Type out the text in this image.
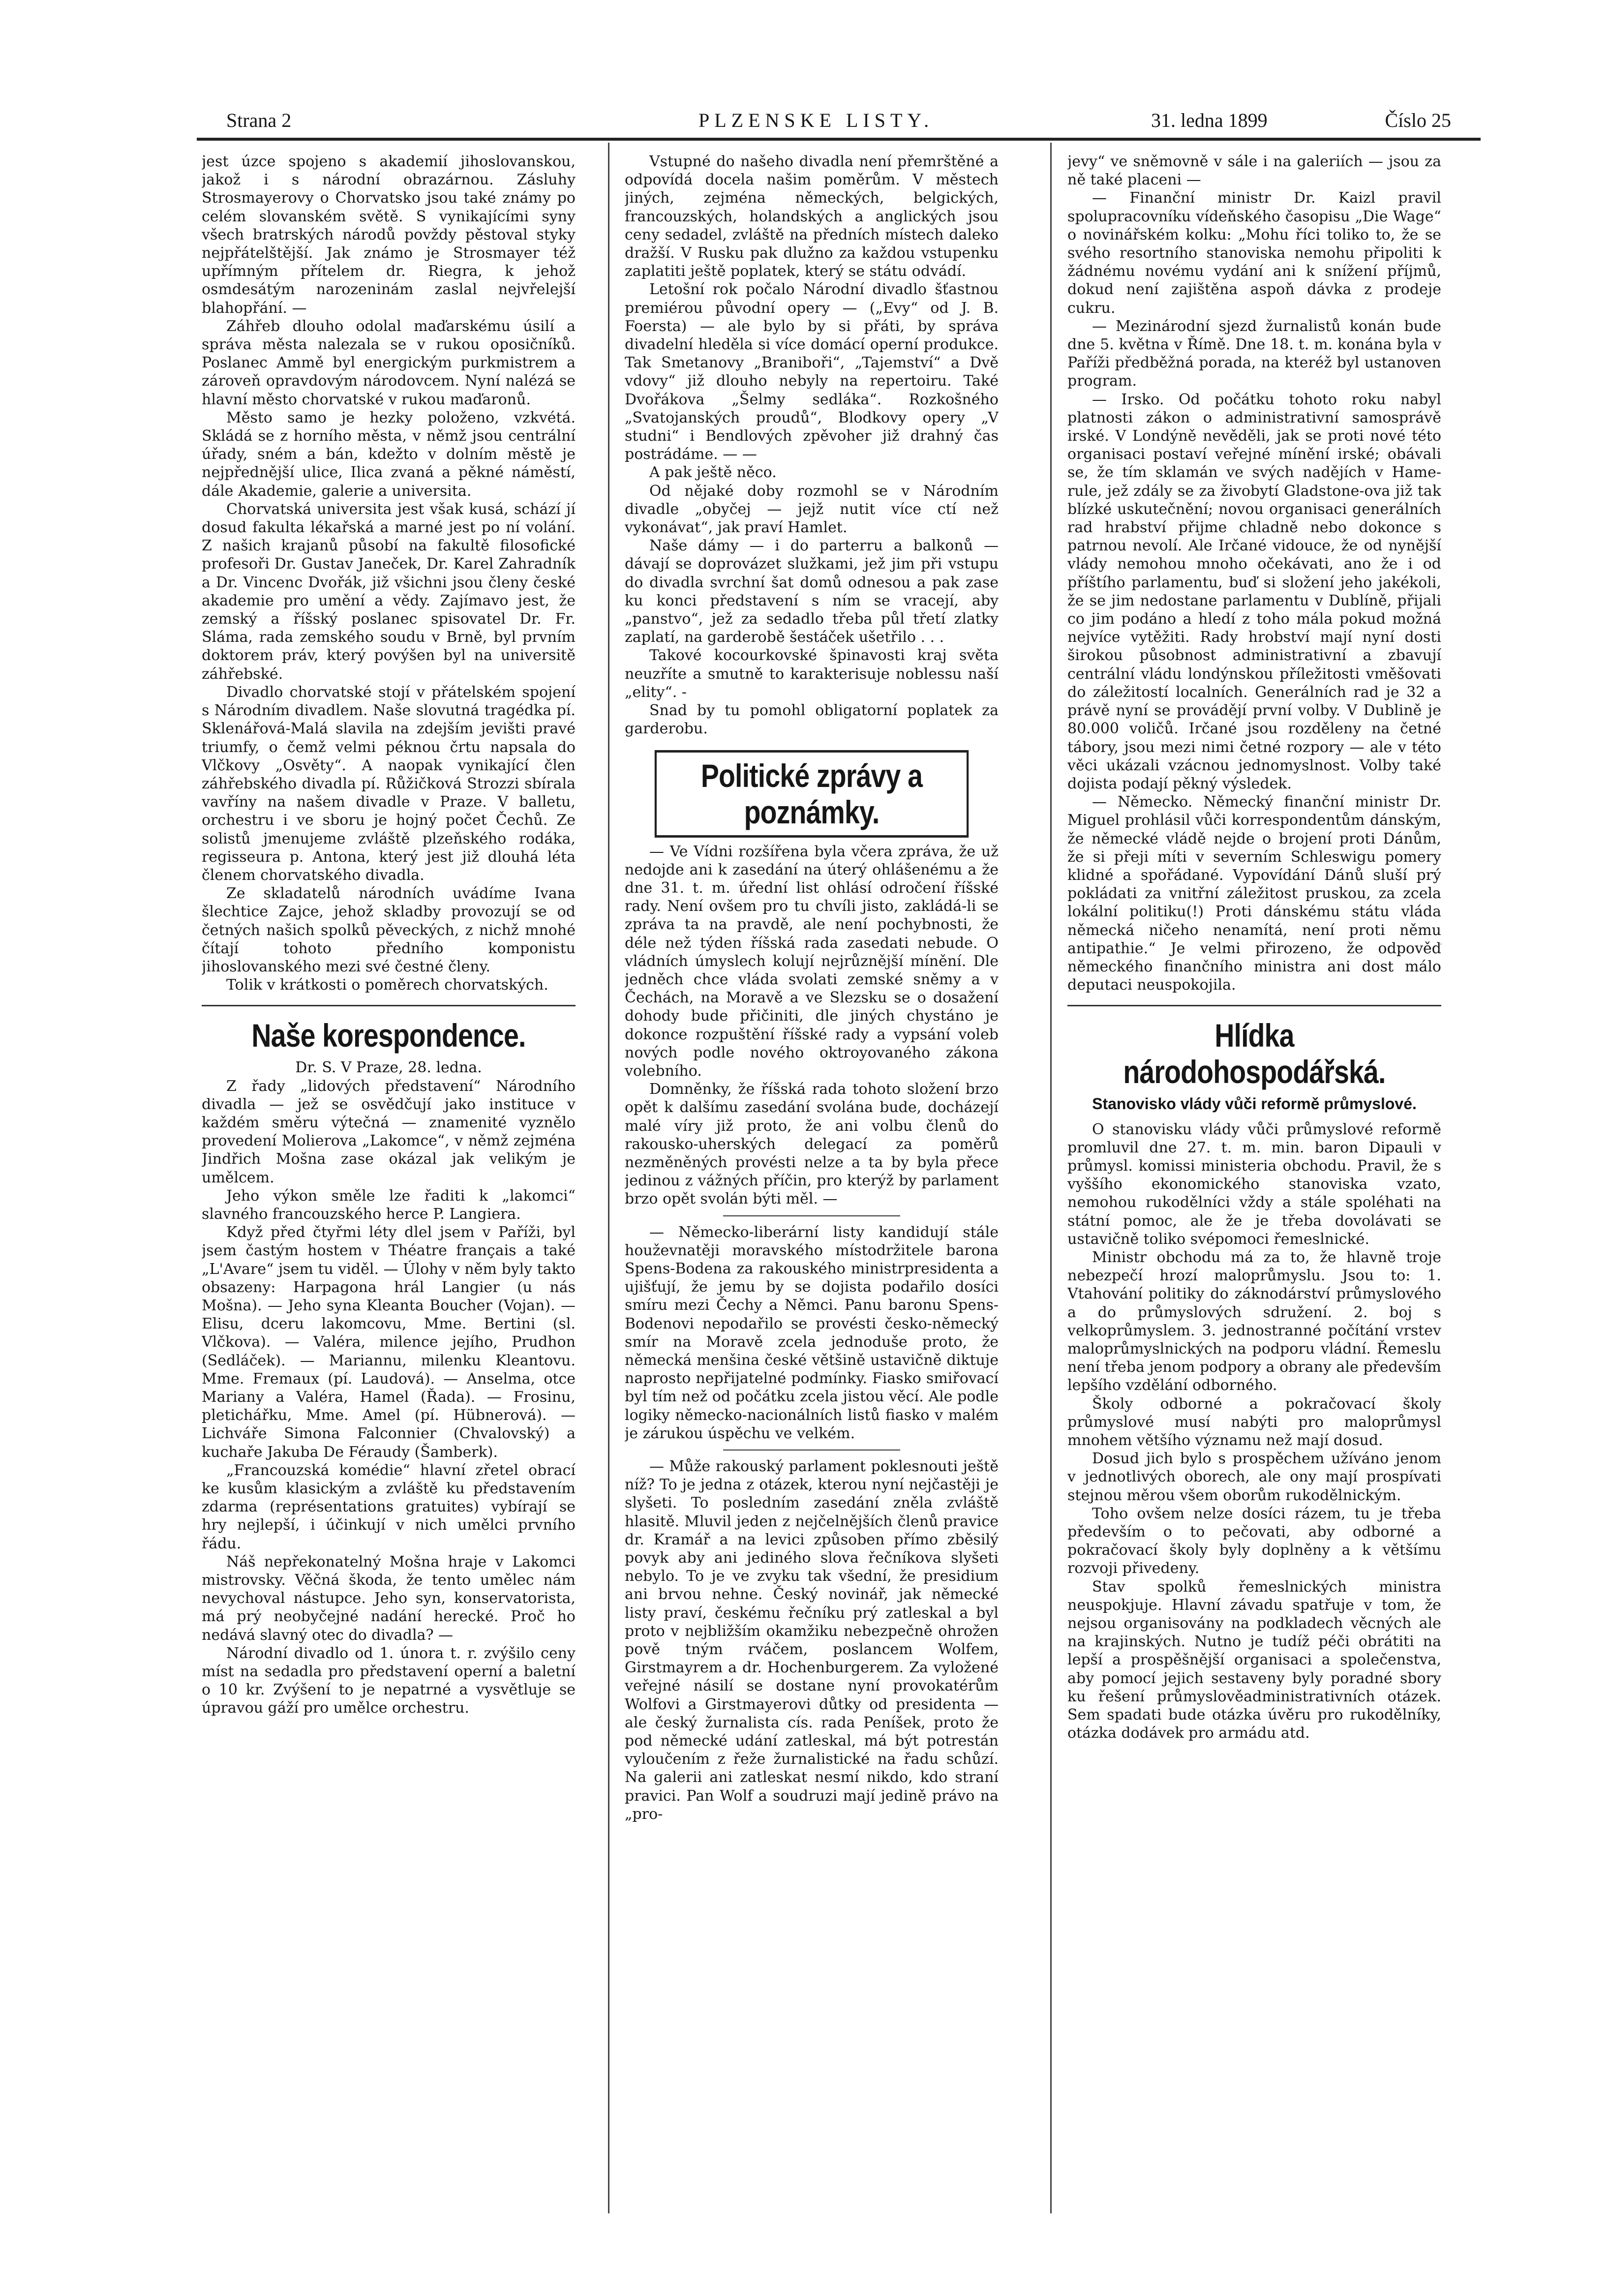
Strana 2	PLZENSKE LISTY.	31. ledna 1899	Číslo 25

jest úzce spojeno s akademií jihoslovanskou, jakož i s národní obrazárnou. Zásluhy Strosmayerovy o Chorvatsko jsou také známy po celém slovanském světě. S vynikajícími syny všech bratrských národů povždy pěstoval styky nejpřátelštější. Jak známo je Strosmayer též upřímným přítelem dr. Riegra, k jehož osmdesátým narozeninám zaslal nejvřelejší blahopřání. —

Záhřeb dlouho odolal maďarskému úsilí a správa města nalezala se v rukou oposičníků. Poslanec Ammě byl energickým purkmistrem a zároveň opravdovým národovcem. Nyní nalézá se hlavní město chorvatské v rukou maďaronů.

Město samo je hezky položeno, vzkvétá. Skládá se z horního města, v němž jsou centrální úřady, sném a bán, kdežto v dolním městě je nejpřednější ulice, Ilica zvaná a pěkné náměstí, dále Akademie, galerie a universita.

Chorvatská universita jest však kusá, schází jí dosud fakulta lékařská a marné jest po ní volání. Z našich krajanů působí na fakultě filosofické profesoři Dr. Gustav Janeček, Dr. Karel Zahradník a Dr. Vincenc Dvořák, již všichni jsou členy české akademie pro umění a vědy. Zajímavo jest, že zemský a říšský poslanec spisovatel Dr. Fr. Sláma, rada zemského soudu v Brně, byl prvním doktorem práv, který povýšen byl na universitě záhřebské.

Divadlo chorvatské stojí v přátelském spojení s Národním divadlem. Naše slovutná tragédka pí. Sklenářová-Malá slavila na zdejším jevišti pravé triumfy, o čemž velmi péknou črtu napsala do Vlčkovy „Osvěty“. A naopak vynikající člen záhřebského divadla pí. Růžičková Strozzi sbírala vavříny na našem divadle v Praze. V balletu, orchestru i ve sboru je hojný počet Čechů. Ze solistů jmenujeme zvláště plzeňského rodáka, regisseura p. Antona, který jest již dlouhá léta členem chorvatského divadla.

Ze skladatelů národních uvádíme Ivana šlechtice Zajce, jehož skladby provozují se od četných našich spolků pěveckých, z nichž mnohé čítají tohoto předního komponistu jihoslovanského mezi své čestné členy.

Tolik v krátkosti o poměrech chorvatských.

Naše korespondence.

Dr. S. V Praze, 28. ledna.

Z řady „lidových představení“ Národního divadla — jež se osvědčují jako instituce v každém směru výtečná — znamenité vyznělo provedení Molierova „Lakomce“, v němž zejména Jindřich Mošna zase okázal jak velikým je umělcem.

Jeho výkon směle lze řaditi k „lakomci“ slavného francouzského herce P. Langiera.

Když před čtyřmi léty dlel jsem v Paříži, byl jsem častým hostem v Théatre français a také „L'Avare“ jsem tu viděl. — Úlohy v něm byly takto obsazeny: Harpagona hrál Langier (u nás Mošna). — Jeho syna Kleanta Boucher (Vojan). — Elisu, dceru lakomcovu, Mme. Bertini (sl. Vlčkova). — Valéra, milence jejího, Prudhon (Sedláček). — Mariannu, milenku Kleantovu. Mme. Fremaux (pí. Laudová). — Anselma, otce Mariany a Valéra, Hamel (Řada). — Frosinu, pletichářku, Mme. Amel (pí. Hübnerová). — Lichváře Simona Falconnier (Chvalovský) a kuchaře Jakuba De Féraudy (Šamberk).

„Francouzská komédie“ hlavní zřetel obrací ke kusům klasickým a zvláště ku představením zdarma (représentations gratuites) vybírají se hry nejlepší, i účinkují v nich umělci prvního řádu.

Náš nepřekonatelný Mošna hraje v Lakomci mistrovsky. Věčná škoda, že tento umělec nám nevychoval nástupce. Jeho syn, konservatorista, má prý neobyčejné nadání herecké. Proč ho nedává slavný otec do divadla? —

Národní divadlo od 1. února t. r. zvýšilo ceny míst na sedadla pro představení operní a baletní o 10 kr. Zvýšení to je nepatrné a vysvětluje se úpravou gáží pro umělce orchestru.

Vstupné do našeho divadla není přemrštěné a odpovídá docela našim poměrům. V městech jiných, zejména německých, belgických, francouzských, holandských a anglických jsou ceny sedadel, zvláště na předních místech daleko dražší. V Rusku pak dlužno za každou vstupenku zaplatiti ještě poplatek, který se státu odvádí.

Letošní rok počalo Národní divadlo šťastnou premiérou původní opery — („Evy“ od J. B. Foersta) — ale bylo by si přáti, by správa divadelní hleděla si více domácí operní produkce. Tak Smetanovy „Braniboři“, „Tajemství“ a Dvě vdovy“ již dlouho nebyly na repertoiru. Také Dvořákova „Šelmy sedláka“. Rozkošného „Svatojanských proudů“, Blodkovy opery „V studni“ i Bendlových zpěvoher již drahný čas postrádáme. — —

A pak ještě něco.

Od nějaké doby rozmohl se v Národním divadle „obyčej — jejž nutit více ctí než vykonávat“, jak praví Hamlet.

Naše dámy — i do parterru a balkonů — dávají se doprovázet služkami, jež jim při vstupu do divadla svrchní šat domů odnesou a pak zase ku konci představení s ním se vracejí, aby „panstvo“, jež za sedadlo třeba půl třetí zlatky zaplatí, na garderobě šestáček ušetřilo . . .

Takové kocourkovské špinavosti kraj světa neuzříte a smutně to karakterisuje noblessu naší „elity“. -

Snad by tu pomohl obligatorní poplatek za garderobu.

Politické zprávy a poznámky.

— Ve Vídni rozšířena byla včera zpráva, že už nedojde ani k zasedání na úterý ohlášenému a že dne 31. t. m. úřední list ohlásí odročení říšské rady. Není ovšem pro tu chvíli jisto, zakládá-li se zpráva ta na pravdě, ale není pochybnosti, že déle než týden říšská rada zasedati nebude. O vládních úmyslech kolují nejrůznější mínění. Dle jedněch chce vláda svolati zemské sněmy a v Čechách, na Moravě a ve Slezsku se o dosažení dohody bude přičiniti, dle jiných chystáno je dokonce rozpuštění říšské rady a vypsání voleb nových podle nového oktroyovaného zákona volebního.

Domněnky, že říšská rada tohoto složení brzo opět k dalšímu zasedání svolána bude, docházejí malé víry již proto, že ani volbu členů do rakousko-uherských delegací za poměrů nezměněných provésti nelze a ta by byla přece jedinou z vážných příčin, pro kterýž by parlament brzo opět svolán býti měl. —

— Německo-liberární listy kandidují stále houževnatěji moravského místodržitele barona Spens-Bodena za rakouského ministrpresidenta a ujišťují, že jemu by se dojista podařilo dosíci smíru mezi Čechy a Němci. Panu baronu Spens-Bodenovi nepodařilo se provésti česko-německý smír na Moravě zcela jednoduše proto, že německá menšina české většině ustavičně diktuje naprosto nepřijatelné podmínky. Fiasko smiřovací byl tím než od počátku zcela jistou věcí. Ale podle logiky německo-nacionálních listů fiasko v malém je zárukou úspěchu ve velkém.

— Může rakouský parlament poklesnouti ještě níž? To je jedna z otázek, kterou nyní nejčastěji je slyšeti. To posledním zasedání zněla zvláště hlasitě. Mluvil jeden z nejčelnějších členů pravice dr. Kramář a na levici způsoben přímo zběsilý povyk aby ani jediného slova řečníkova slyšeti nebylo. To je ve zvyku tak všední, že presidium ani brvou nehne. Český novinář, jak německé listy praví, českému řečníku prý zatleskal a byl proto v nejbližším okamžiku nebezpečně ohrožen pově tným rváčem, poslancem Wolfem, Girstmayrem a dr. Hochenburgerem. Za vyložené veřejné násilí se dostane nyní provokatérům Wolfovi a Girstmayerovi důtky od presidenta — ale český žurnalista cís. rada Peníšek, proto že pod německé udání zatleskal, má být potrestán vyloučením z řeže žurnalistické na řadu schůzí. Na galerii ani zatleskat nesmí nikdo, kdo straní pravici. Pan Wolf a soudruzi mají jedině právo na „pro-

jevy“ ve sněmovně v sále i na galeriích — jsou za ně také placeni —

— Finanční ministr Dr. Kaizl pravil spolupracovníku vídeňského časopisu „Die Wage“ o novinářském kolku: „Mohu říci toliko to, že se svého resortního stanoviska nemohu připoliti k žádnému novému vydání ani k snížení příjmů, dokud není zajištěna aspoň dávka z prodeje cukru.

— Mezinárodní sjezd žurnalistů konán bude dne 5. května v Římě. Dne 18. t. m. konána byla v Paříži předběžná porada, na kteréž byl ustanoven program.

— Irsko. Od počátku tohoto roku nabyl platnosti zákon o administrativní samosprávě irské. V Londýně nevěděli, jak se proti nové této organisaci postaví veřejné mínění irské; obávali se, že tím sklamán ve svých nadějích v Hame-rule, jež zdály se za živobytí Gladstone-ova již tak blízké uskutečnění; novou organisaci generálních rad hrabství přijme chladně nebo dokonce s patrnou nevolí. Ale Irčané vidouce, že od nynější vlády nemohou mnoho očekávati, ano že i od příštího parlamentu, buď si složení jeho jakékoli, že se jim nedostane parlamentu v Dublíně, přijali co jim podáno a hledí z toho mála pokud možná nejvíce vytěžiti. Rady hrobství mají nyní dosti širokou působnost administrativní a zbavují centrální vládu londýnskou příležitosti vměšovati do záležitostí localních. Generálních rad je 32 a právě nyní se provádějí první volby. V Dublině je 80.000 voličů. Irčané jsou rozděleny na četné tábory, jsou mezi nimi četné rozpory — ale v této věci ukázali vzácnou jednomyslnost. Volby také dojista podají pěkný výsledek.

— Německo. Německý finanční ministr Dr. Miguel prohlásil vůči korrespondentům dánským, že německé vládě nejde o brojení proti Dánům, že si přeji míti v severním Schleswigu pomery klidné a spořádané. Vypovídání Dánů sluší prý pokládati za vnitřní záležitost pruskou, za zcela lokální politiku(!) Proti dánskému státu vláda německá ničeho nenamítá, není proti němu antipathie.“ Je velmi přirozeno, že odpověď německého finančního ministra ani dost málo deputaci neuspokojila.

Hlídka národohospodářská.
Stanovisko vlády vůči reformě průmyslové.

O stanovisku vlády vůči průmyslové reformě promluvil dne 27. t. m. min. baron Dipauli v průmysl. komissi ministeria obchodu. Pravil, že s vyššího ekonomického stanoviska vzato, nemohou rukodělníci vždy a stále spoléhati na státní pomoc, ale že je třeba dovolávati se ustavičně toliko svépomoci řemeslnické.

Ministr obchodu má za to, že hlavně troje nebezpečí hrozí maloprůmyslu. Jsou to: 1. Vtahování politiky do záknodárství průmyslového a do průmyslových sdružení. 2. boj s velkoprůmyslem. 3. jednostranné počítání vrstev maloprůmyslnických na podporu vládní. Řemeslu není třeba jenom podpory a obrany ale především lepšího vzdělání odborného.

Školy odborné a pokračovací školy průmyslové musí nabýti pro maloprůmysl mnohem většího významu než mají dosud.

Dosud jich bylo s prospěchem užíváno jenom v jednotlivých oborech, ale ony mají prospívati stejnou měrou všem oborům rukodělnickým.

Toho ovšem nelze dosíci rázem, tu je třeba především o to pečovati, aby odborné a pokračovací školy byly doplněny a k většímu rozvoji přivedeny.

Stav spolků řemeslnických ministra neuspokjuje. Hlavní závadu spatřuje v tom, že nejsou organisovány na podkladech věcných ale na krajinských. Nutno je tudíž péči obrátiti na lepší a prospěšnější organisaci a společenstva, aby pomocí jejich sestaveny byly poradné sbory ku řešení průmyslověadministrativních otázek. Sem spadati bude otázka úvěru pro rukodělníky, otázka dodávek pro armádu atd.
